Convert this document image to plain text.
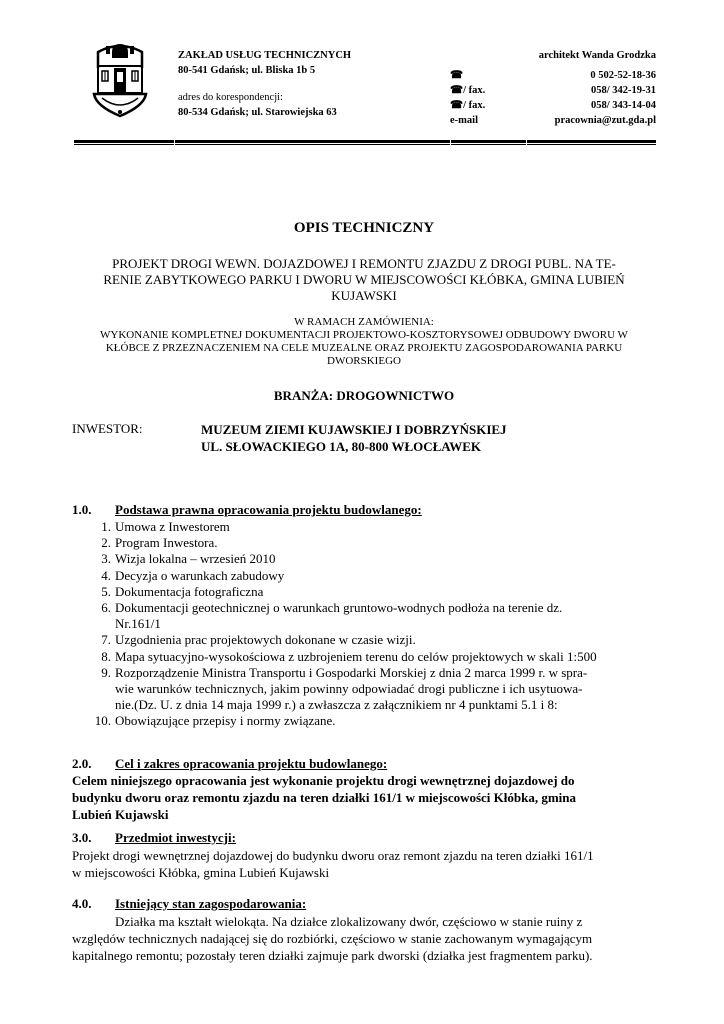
ZAKŁAD USŁUG TECHNICZNYCH
80-541 Gdańsk; ul. Bliska 1b 5
adres do korespondencji:
80-534 Gdańsk; ul. Starowiejska 63
architekt Wanda Grodzka
☎
☎/ fax.
☎/ fax.
e-mail
0 502-52-18-36
058/ 342-19-31
058/ 343-14-04
pracownia@zut.gda.pl
OPIS TECHNICZNY
PROJEKT DROGI WEWN. DOJAZDOWEJ I REMONTU ZJAZDU Z DROGI PUBL. NA TE-
RENIE ZABYTKOWEGO PARKU I DWORU W MIEJSCOWOŚCI KŁÓBKA, GMINA LUBIEŃ
KUJAWSKI
W RAMACH ZAMÓWIENIA:
WYKONANIE KOMPLETNEJ DOKUMENTACJI PROJEKTOWO-KOSZTORYSOWEJ ODBUDOWY DWORU W
KŁÓBCE Z PRZEZNACZENIEM NA CELE MUZEALNE ORAZ PROJEKTU ZAGOSPODAROWANIA PARKU
DWORSKIEGO
BRANŻA: DROGOWNICTWO
INWESTOR:	MUZEUM ZIEMI KUJAWSKIEJ I DOBRZYŃSKIEJ
UL. SŁOWACKIEGO 1A, 80-800 WŁOCŁAWEK
1.0. Podstawa prawna opracowania projektu budowlanego:
1. Umowa z Inwestorem
2. Program Inwestora.
3. Wizja lokalna – wrzesień 2010
4. Decyzja o warunkach zabudowy
5. Dokumentacja fotograficzna
6. Dokumentacji geotechnicznej o warunkach gruntowo-wodnych podłoża na terenie dz.
Nr.161/1
7. Uzgodnienia prac projektowych dokonane w czasie wizji.
8. Mapa sytuacyjno-wysokościowa z uzbrojeniem terenu do celów projektowych w skali 1:500
9. Rozporządzenie Ministra Transportu i Gospodarki Morskiej z dnia 2 marca 1999 r. w spra-
wie warunków technicznych, jakim powinny odpowiadać drogi publiczne i ich usytuowa-
nie.(Dz. U. z dnia 14 maja 1999 r.) a zwłaszcza z załącznikiem nr 4 punktami 5.1 i 8:
10. Obowiązujące przepisy i normy związane.
2.0. Cel i zakres opracowania projektu budowlanego:
Celem niniejszego opracowania jest wykonanie projektu drogi wewnętrznej dojazdowej do
budynku dworu oraz remontu zjazdu na teren działki 161/1 w miejscowości Kłóbka, gmina
Lubień Kujawski
3.0. Przedmiot inwestycji:
Projekt drogi wewnętrznej dojazdowej do budynku dworu oraz remont zjazdu na teren działki 161/1
w miejscowości Kłóbka, gmina Lubień Kujawski
4.0. Istniejący stan zagospodarowania:
Działka ma kształt wielokąta. Na działce zlokalizowany dwór, częściowo w stanie ruiny z
względów technicznych nadającej się do rozbiórki, częściowo w stanie zachowanym wymagającym
kapitalnego remontu; pozostały teren działki zajmuje park dworski (działka jest fragmentem parku).
